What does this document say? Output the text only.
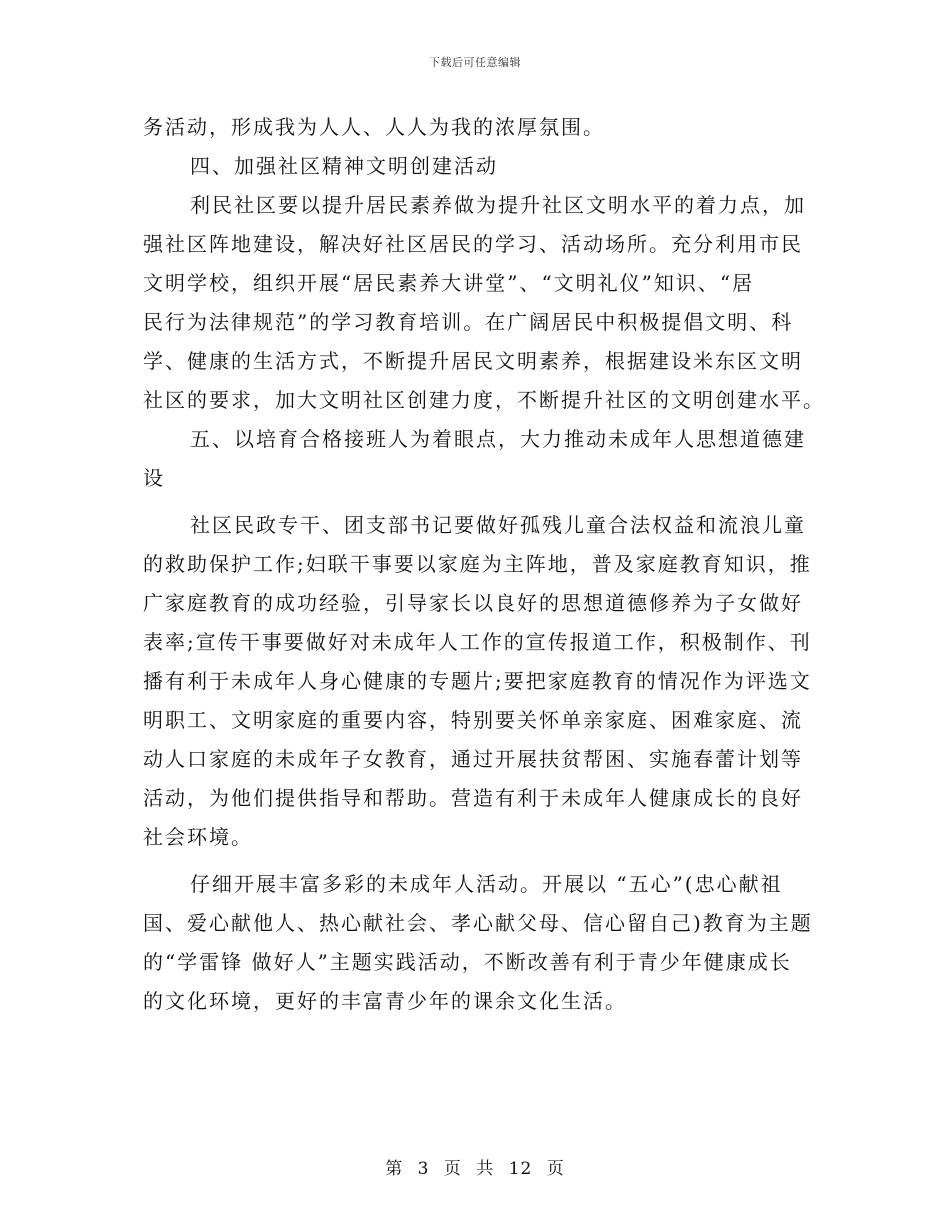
下载后可任意编辑
务活动，形成我为人人、人人为我的浓厚氛围。
四、加强社区精神文明创建活动
利民社区要以提升居民素养做为提升社区文明水平的着力点，加
强社区阵地建设，解决好社区居民的学习、活动场所。充分利用市民
文明学校，组织开展“居民素养大讲堂”、“文明礼仪”知识、“居
民行为法律规范”的学习教育培训。在广阔居民中积极提倡文明、科
学、健康的生活方式，不断提升居民文明素养，根据建设米东区文明
社区的要求，加大文明社区创建力度，不断提升社区的文明创建水平。
五、以培育合格接班人为着眼点，大力推动未成年人思想道德建
设
社区民政专干、团支部书记要做好孤残儿童合法权益和流浪儿童
的救助保护工作;妇联干事要以家庭为主阵地，普及家庭教育知识，推
广家庭教育的成功经验，引导家长以良好的思想道德修养为子女做好
表率;宣传干事要做好对未成年人工作的宣传报道工作，积极制作、刊
播有利于未成年人身心健康的专题片;要把家庭教育的情况作为评选文
明职工、文明家庭的重要内容，特别要关怀单亲家庭、困难家庭、流
动人口家庭的未成年子女教育，通过开展扶贫帮困、实施春蕾计划等
活动，为他们提供指导和帮助。营造有利于未成年人健康成长的良好
社会环境。
仔细开展丰富多彩的未成年人活动。开展以 “五心”(忠心献祖
国、爱心献他人、热心献社会、孝心献父母、信心留自己)教育为主题
的“学雷锋 做好人”主题实践活动，不断改善有利于青少年健康成长
的文化环境，更好的丰富青少年的课余文化生活。
第 3 页 共 12 页
